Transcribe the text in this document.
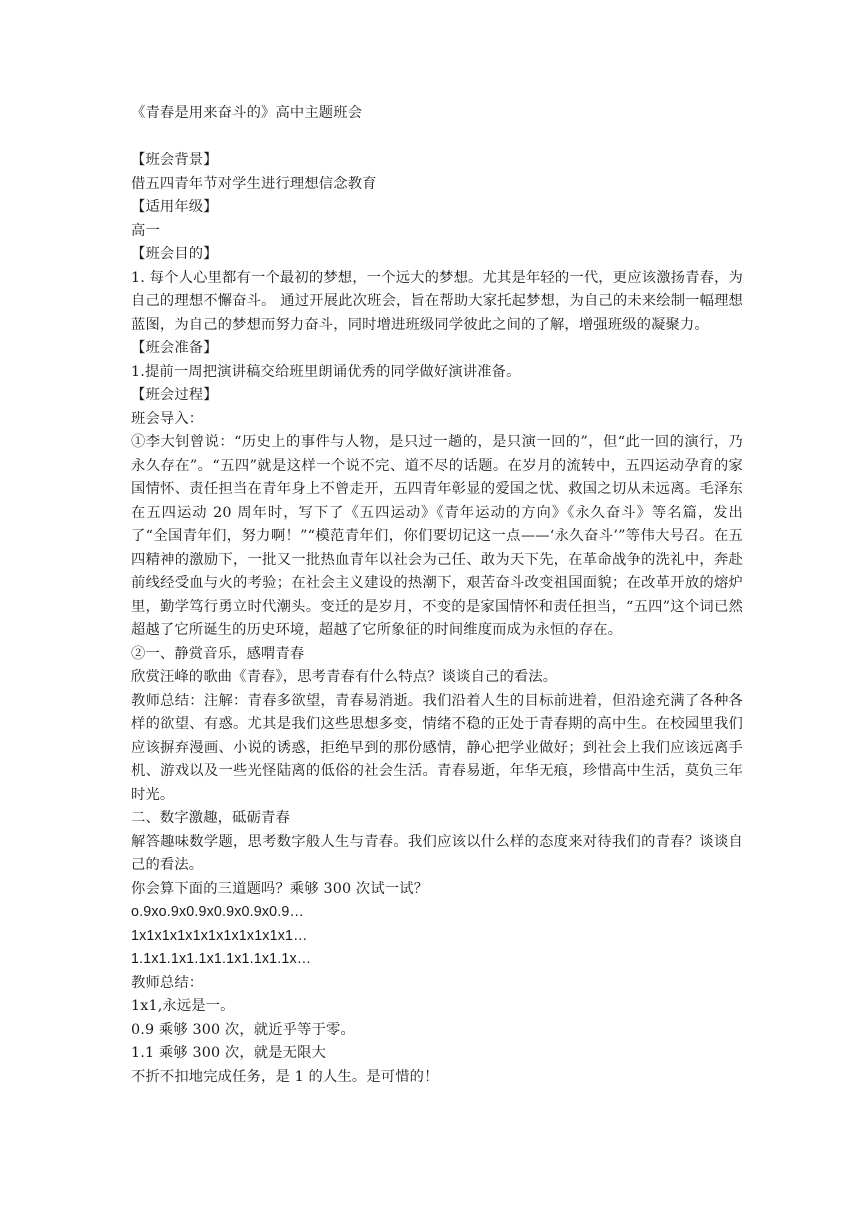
《青春是用来奋斗的》高中主题班会

【班会背景】

借五四青年节对学生进行理想信念教育

【适用年级】

高一

【班会目的】

1. 每个人心里都有一个最初的梦想，一个远大的梦想。尤其是年轻的一代，更应该激扬青春，为自己的理想不懈奋斗。 通过开展此次班会，旨在帮助大家托起梦想，为自己的未来绘制一幅理想蓝图，为自己的梦想而努力奋斗，同时增进班级同学彼此之间的了解，增强班级的凝聚力。

【班会准备】

1.提前一周把演讲稿交给班里朗诵优秀的同学做好演讲准备。

【班会过程】

班会导入：

①李大钊曾说：“历史上的事件与人物，是只过一趟的，是只演一回的”，但“此一回的演行，乃永久存在”。“五四”就是这样一个说不完、道不尽的话题。在岁月的流转中，五四运动孕育的家国情怀、责任担当在青年身上不曾走开，五四青年彰显的爱国之忧、救国之切从未远离。毛泽东在五四运动 20 周年时，写下了《五四运动》《青年运动的方向》《永久奋斗》等名篇，发出了“全国青年们，努力啊！”“模范青年们，你们要切记这一点——‘永久奋斗’”等伟大号召。在五四精神的激励下，一批又一批热血青年以社会为己任、敢为天下先，在革命战争的洗礼中，奔赴前线经受血与火的考验；在社会主义建设的热潮下，艰苦奋斗改变祖国面貌；在改革开放的熔炉里，勤学笃行勇立时代潮头。变迁的是岁月，不变的是家国情怀和责任担当，“五四”这个词已然超越了它所诞生的历史环境，超越了它所象征的时间维度而成为永恒的存在。

②一、静赏音乐，感喟青春

欣赏汪峰的歌曲《青春》，思考青春有什么特点？谈谈自己的看法。

教师总结：注解：青春多欲望，青春易消逝。我们沿着人生的目标前进着，但沿途充满了各种各样的欲望、有惑。尤其是我们这些思想多变，情绪不稳的正处于青春期的高中生。在校园里我们应该摒弃漫画、小说的诱惑，拒绝早到的那份感情，静心把学业做好；到社会上我们应该远离手机、游戏以及一些光怪陆离的低俗的社会生活。青春易逝，年华无痕，珍惜高中生活，莫负三年时光。

二、数字激趣，砥砺青春

解答趣味数学题，思考数字般人生与青春。我们应该以什么样的态度来对待我们的青春？谈谈自己的看法。

你会算下面的三道题吗？乘够 300 次试一试？

o.9xo.9x0.9x0.9x0.9x0.9…

1x1x1x1x1x1x1x1x1x1x1…

1.1x1.1x1.1x1.1x1.1x1.1x…

教师总结：

1x1,永远是一。

0.9 乘够 300 次，就近乎等于零。

1.1 乘够 300 次，就是无限大

不折不扣地完成任务，是 1 的人生。是可惜的！
